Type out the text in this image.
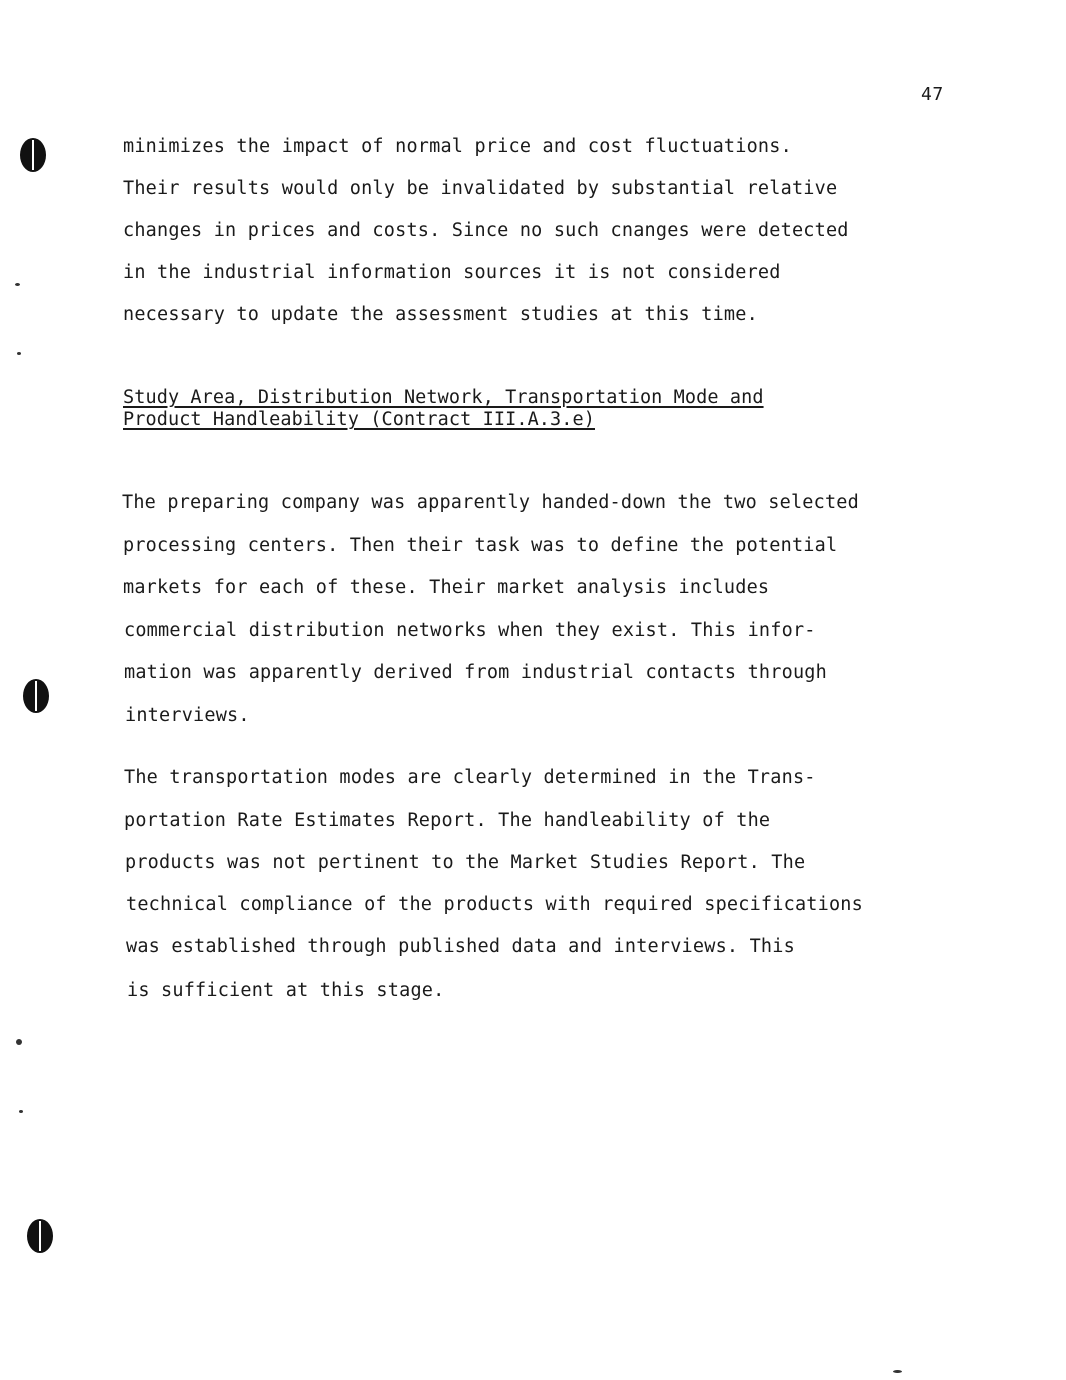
47
minimizes the impact of normal price and cost fluctuations.
Their results would only be invalidated by substantial relative
changes in prices and costs. Since no such cnanges were detected
in the industrial information sources it is not considered
necessary to update the assessment studies at this time.
Study Area, Distribution Network, Transportation Mode and
Product Handleability (Contract III.A.3.e)
The preparing company was apparently handed-down the two selected
processing centers. Then their task was to define the potential
markets for each of these. Their market analysis includes
commercial distribution networks when they exist. This infor-
mation was apparently derived from industrial contacts through
interviews.
The transportation modes are clearly determined in the Trans-
portation Rate Estimates Report. The handleability of the
products was not pertinent to the Market Studies Report. The
technical compliance of the products with required specifications
was established through published data and interviews. This
is sufficient at this stage.
